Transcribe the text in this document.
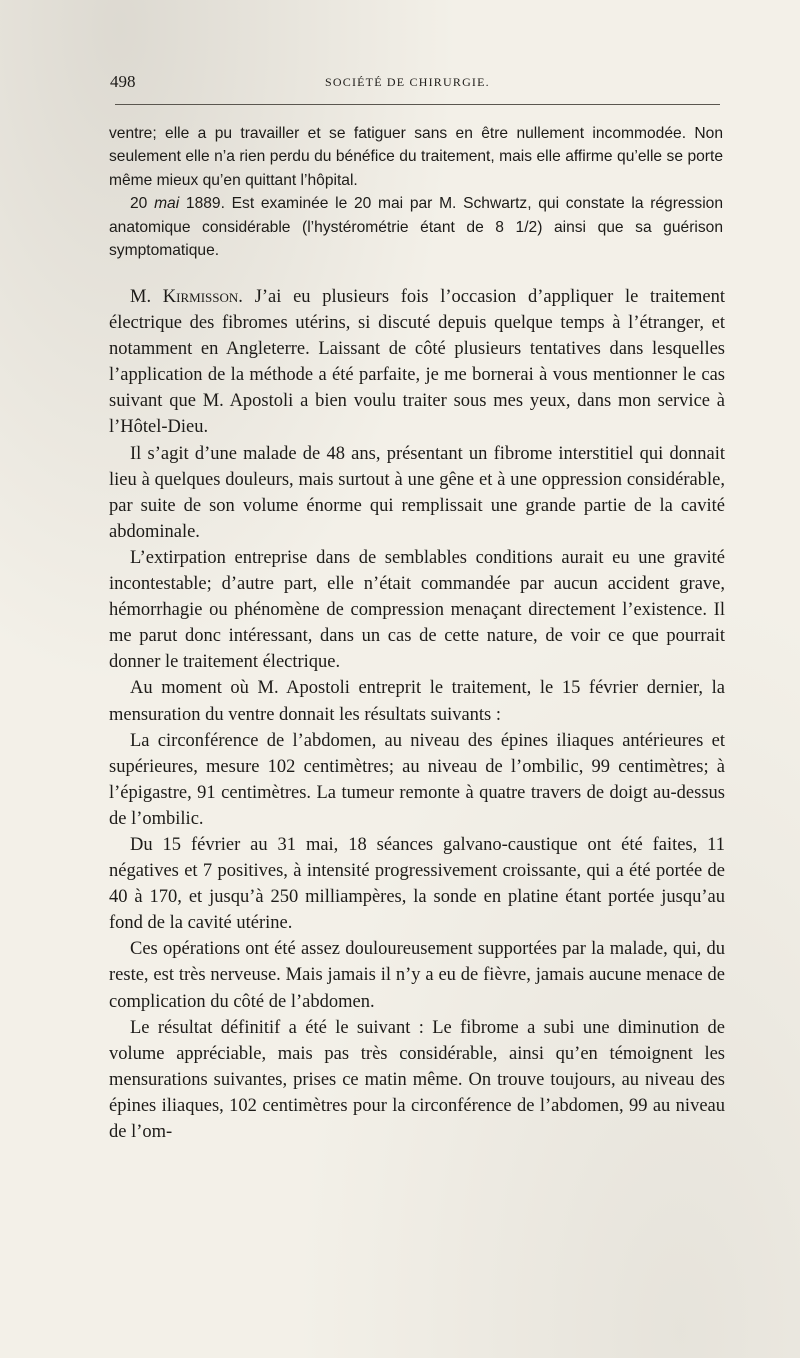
498	SOCIÉTÉ DE CHIRURGIE.

ventre; elle a pu travailler et se fatiguer sans en être nullement incommodée. Non seulement elle n’a rien perdu du bénéfice du traitement, mais elle affirme qu’elle se porte même mieux qu’en quittant l’hôpital.

20 mai 1889. Est examinée le 20 mai par M. Schwartz, qui constate la régression anatomique considérable (l’hystérométrie étant de 8 1/2) ainsi que sa guérison symptomatique.

M. Kirmisson. J’ai eu plusieurs fois l’occasion d’appliquer le traitement électrique des fibromes utérins, si discuté depuis quelque temps à l’étranger, et notamment en Angleterre. Laissant de côté plusieurs tentatives dans lesquelles l’application de la méthode a été parfaite, je me bornerai à vous mentionner le cas suivant que M. Apostoli a bien voulu traiter sous mes yeux, dans mon service à l’Hôtel-Dieu.

Il s’agit d’une malade de 48 ans, présentant un fibrome interstitiel qui donnait lieu à quelques douleurs, mais surtout à une gêne et à une oppression considérable, par suite de son volume énorme qui remplissait une grande partie de la cavité abdominale.

L’extirpation entreprise dans de semblables conditions aurait eu une gravité incontestable; d’autre part, elle n’était commandée par aucun accident grave, hémorrhagie ou phénomène de compression menaçant directement l’existence. Il me parut donc intéressant, dans un cas de cette nature, de voir ce que pourrait donner le traitement électrique.

Au moment où M. Apostoli entreprit le traitement, le 15 février dernier, la mensuration du ventre donnait les résultats suivants :

La circonférence de l’abdomen, au niveau des épines iliaques antérieures et supérieures, mesure 102 centimètres; au niveau de l’ombilic, 99 centimètres; à l’épigastre, 91 centimètres. La tumeur remonte à quatre travers de doigt au-dessus de l’ombilic.

Du 15 février au 31 mai, 18 séances galvano-caustique ont été faites, 11 négatives et 7 positives, à intensité progressivement croissante, qui a été portée de 40 à 170, et jusqu’à 250 milliampères, la sonde en platine étant portée jusqu’au fond de la cavité utérine.

Ces opérations ont été assez douloureusement supportées par la malade, qui, du reste, est très nerveuse. Mais jamais il n’y a eu de fièvre, jamais aucune menace de complication du côté de l’abdomen.

Le résultat définitif a été le suivant : Le fibrome a subi une diminution de volume appréciable, mais pas très considérable, ainsi qu’en témoignent les mensurations suivantes, prises ce matin même. On trouve toujours, au niveau des épines iliaques, 102 centimètres pour la circonférence de l’abdomen, 99 au niveau de l’om-
